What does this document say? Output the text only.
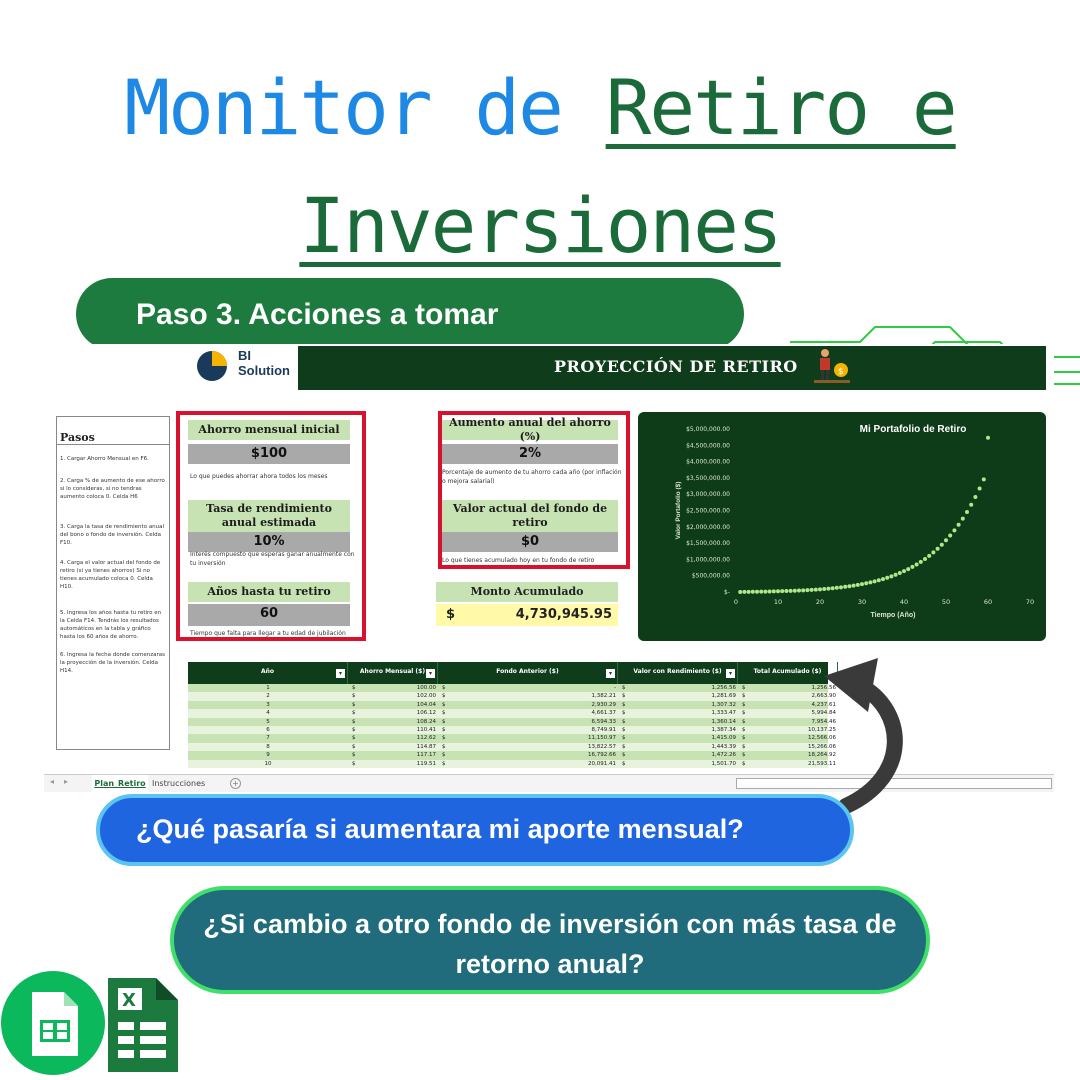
Monitor de Retiro e
Inversiones
Paso 3. Acciones a tomar
BI
Solution	PROYECCIÓN DE RETIRO	$
Pasos
1. Cargar Ahorro Mensual en F6.
2. Carga % de aumento de ese ahorro si lo consideras, si no tendras aumento coloca 0. Celda H6
3. Carga la tasa de rendimiento anual del bono o fondo de inversión. Celda F10.
4. Carga el valor actual del fondo de retiro (si ya tienes ahorros) Si no tienes acumulado coloca 0. Celda H10.
5. Ingresa los años hasta tu retiro en la Celda F14. Tendrás los resultados automáticos en la tabla y gráfico hasta los 60 años de ahorro.
6. Ingresa la fecha donde comenzaras la proyección de la inversión. Celda H14.
Ahorro mensual inicial
$100
Lo que puedes ahorrar ahora todos los meses
Tasa de rendimiento anual estimada
10%
Interés compuesto que esperas ganar anualmente con tu inversión
Años hasta tu retiro
60
Tiempo que falta para llegar a tu edad de jubilación
Aumento anual del ahorro (%)
2%
Porcentaje de aumento de tu ahorro cada año (por inflación o mejora salarial)
Valor actual del fondo de retiro
$0
Lo que tienes acumulado hoy en tu fondo de retiro
Monto Acumulado
$	4,730,945.95
Mi Portafolio de Retiro
$-
$500,000.00
$1,000,000.00
$1,500,000.00
$2,000,000.00
$2,500,000.00
$3,000,000.00
$3,500,000.00
$4,000,000.00
$4,500,000.00
$5,000,000.00
0	10	20	30	40	50	60	70
Tiempo (Año)
Valor Portafolio ($)
Año	▾	Ahorro Mensual ($) ▾	Fondo Anterior ($)	▾	Valor con Rendimiento ($)	▾	Total Acumulado ($)
1	$	100.00 $	- $	1,256.56 $	1,256.56
2	$	102.00 $	1,382.21 $	1,281.69 $	2,663.90
3	$	104.04 $	2,930.29 $	1,307.32 $	4,237.61
4	$	106.12 $	4,661.37 $	1,333.47 $	5,994.84
5	$	108.24 $	6,594.33 $	1,360.14 $	7,954.46
6	$	110.41 $	8,749.91 $	1,387.34 $	10,137.25
7	$	112.62 $	11,150.97 $	1,415.09 $	12,566.06
8	$	114.87 $	13,822.57 $	1,443.39 $	15,266.06
9	$	117.17 $	16,792.66 $	1,472.26 $	18,264.92
10	$	119.51 $	20,091.41 $	1,501.70 $	21,593.11
◂ ▸	Plan_Retiro Instrucciones	+
¿Qué pasaría si aumentara mi aporte mensual?
¿Si cambio a otro fondo de inversión con más tasa de
retorno anual?
X
